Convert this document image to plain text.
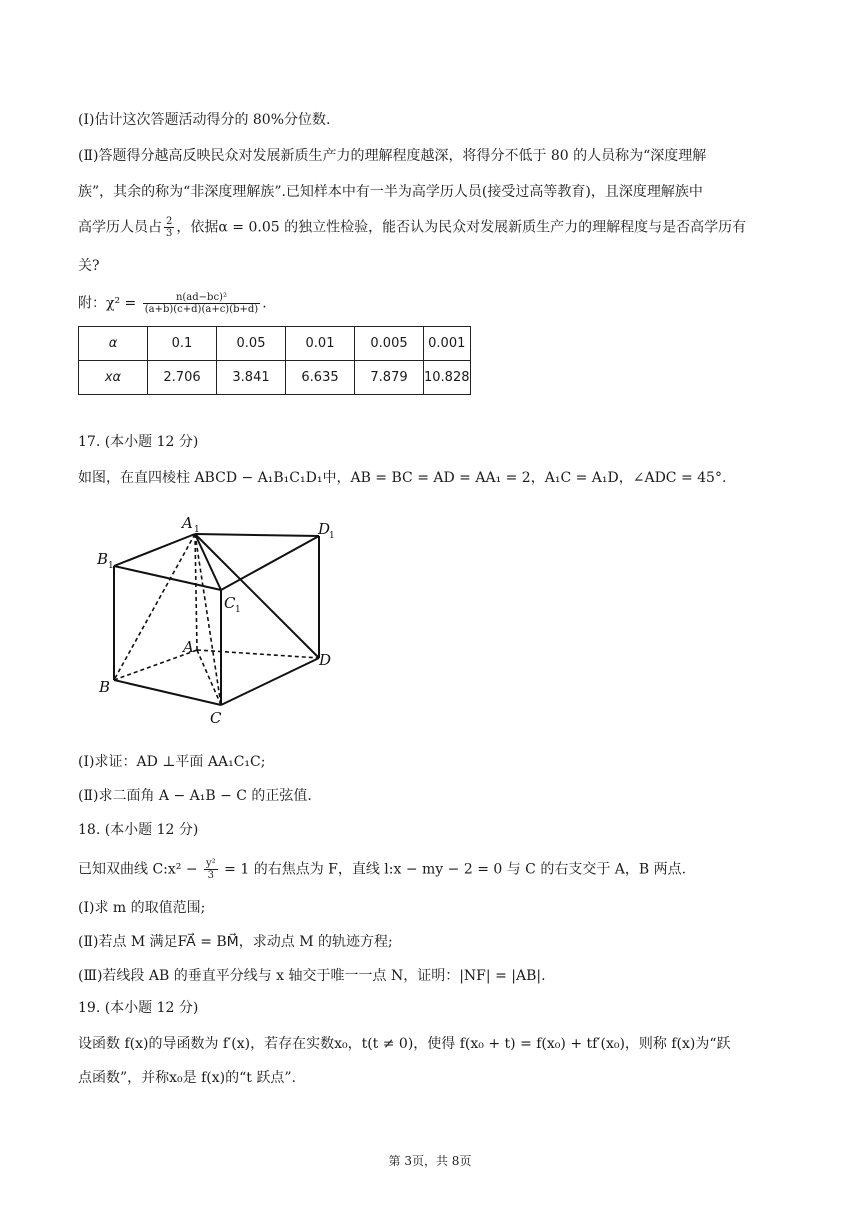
(Ⅰ)估计这次答题活动得分的 80%分位数.
(Ⅱ)答题得分越高反映民众对发展新质生产力的理解程度越深，将得分不低于 80 的人员称为“深度理解
族”，其余的称为“非深度理解族”.已知样本中有一半为高学历人员(接受过高等教育)，且深度理解族中
高学历人员占 $\frac{2}{3}$ ，依据α = 0.05 的独立性检验，能否认为民众对发展新质生产力的理解程度与是否高学历有
关?
附：$\chi^2 = \frac{\text{n(ad−bc)²}}{(a+b)(c+d)(a+c)(b+d)}$ .
α	0.1	0.05	0.01	0.005	0.001
xα	2.706	3.841	6.635	7.879	10.828
17. (本小题 12 分)
如图，在直四棱柱 ABCD − A₁B₁C₁D₁中，AB = BC = AD = AA₁ = 2，A₁C = A₁D，∠ADC = 45°.
A 1	D
1
B 1
C 1
A
D
B
C
(Ⅰ)求证：AD ⊥平面 AA₁C₁C;
(Ⅱ)求二面角 A − A₁B − C 的正弦值.
18. (本小题 12 分)
已知双曲线 C:x² − $\frac{\text{y²}}{3} = 1$ 的右焦点为 F，直线 l:x − my − 2 = 0 与 C 的右支交于 A，B 两点.
(Ⅰ)求 m 的取值范围;
(Ⅱ)若点 M 满足FA⃗ = BM⃗，求动点 M 的轨迹方程;
(Ⅲ)若线段 AB 的垂直平分线与 x 轴交于唯一一点 N，证明：|NF| = |AB|.
19. (本小题 12 分)
设函数 f(x)的导函数为 f′(x)，若存在实数x₀，t(t ≠ 0)，使得 f(x₀ + t) = f(x₀) + tf′(x₀)，则称 f(x)为“跃
点函数”，并称x₀是 f(x)的“t 跃点”.
第 3页，共 8页
